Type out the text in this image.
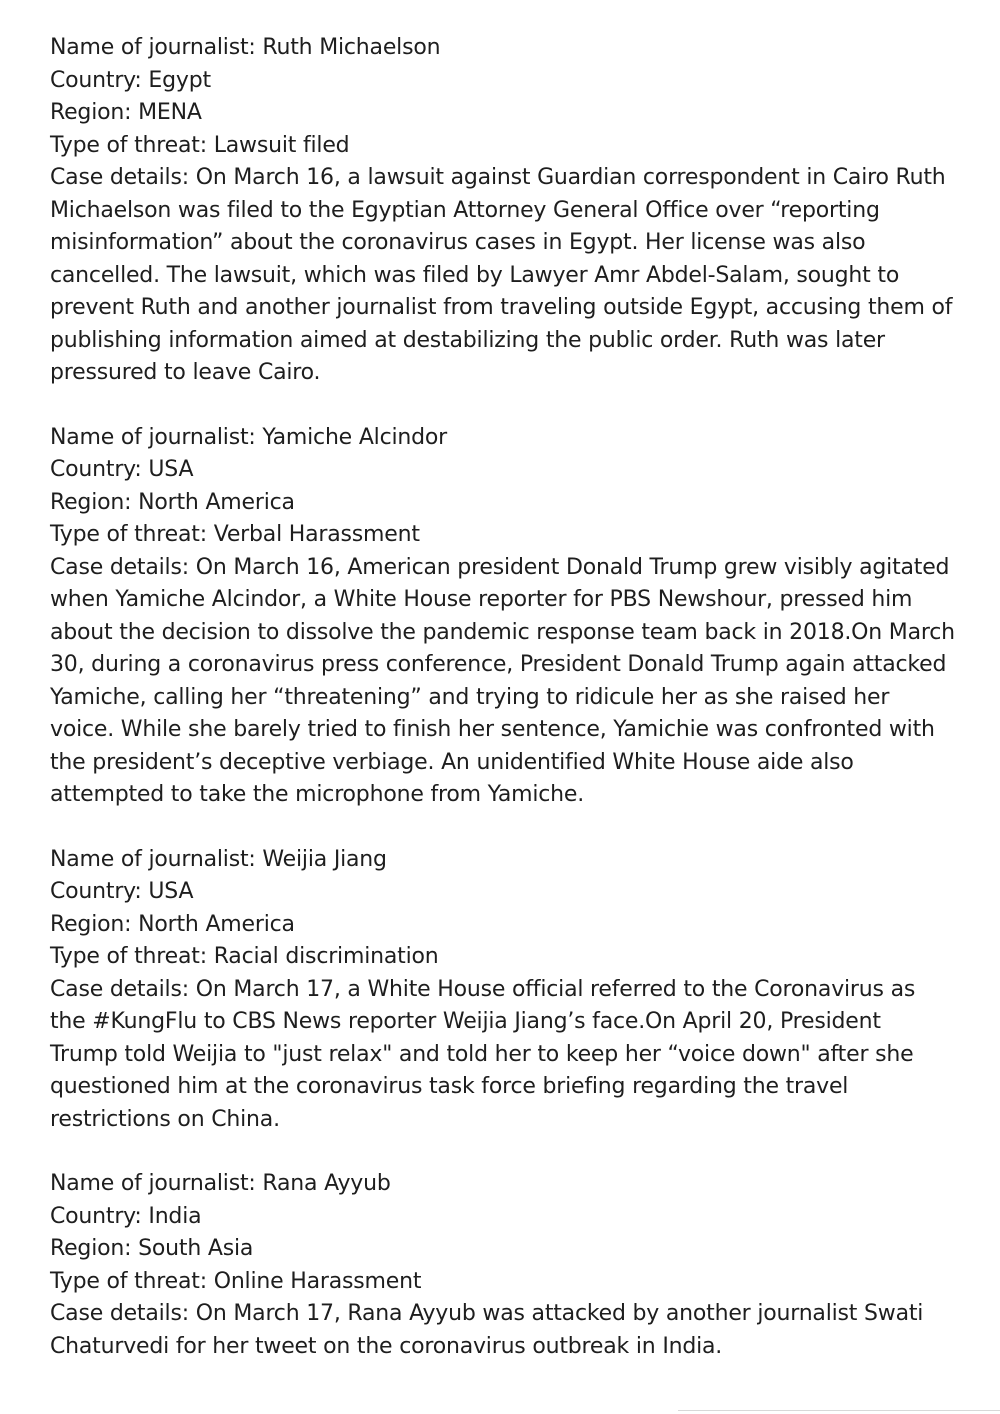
Name of journalist: Ruth Michaelson
Country: Egypt
Region: MENA
Type of threat: Lawsuit filed
Case details: On March 16, a lawsuit against Guardian correspondent in Cairo Ruth Michaelson was filed to the Egyptian Attorney General Office over “reporting misinformation” about the coronavirus cases in Egypt. Her license was also cancelled. The lawsuit, which was filed by Lawyer Amr Abdel-Salam, sought to prevent Ruth and another journalist from traveling outside Egypt, accusing them of publishing information aimed at destabilizing the public order. Ruth was later pressured to leave Cairo.
Name of journalist: Yamiche Alcindor
Country: USA
Region: North America
Type of threat: Verbal Harassment
Case details: On March 16, American president Donald Trump grew visibly agitated when Yamiche Alcindor, a White House reporter for PBS Newshour, pressed him about the decision to dissolve the pandemic response team back in 2018.On March 30, during a coronavirus press conference, President Donald Trump again attacked Yamiche, calling her “threatening” and trying to ridicule her as she raised her voice. While she barely tried to finish her sentence, Yamichie was confronted with the president’s deceptive verbiage. An unidentified White House aide also attempted to take the microphone from Yamiche.
Name of journalist: Weijia Jiang
Country: USA
Region: North America
Type of threat: Racial discrimination
Case details: On March 17, a White House official referred to the Coronavirus as the #KungFlu to CBS News reporter Weijia Jiang’s face.On April 20, President Trump told Weijia to "just relax" and told her to keep her “voice down" after she questioned him at the coronavirus task force briefing regarding the travel restrictions on China.
Name of journalist: Rana Ayyub
Country: India
Region: South Asia
Type of threat: Online Harassment
Case details: On March 17, Rana Ayyub was attacked by another journalist Swati Chaturvedi for her tweet on the coronavirus outbreak in India.
